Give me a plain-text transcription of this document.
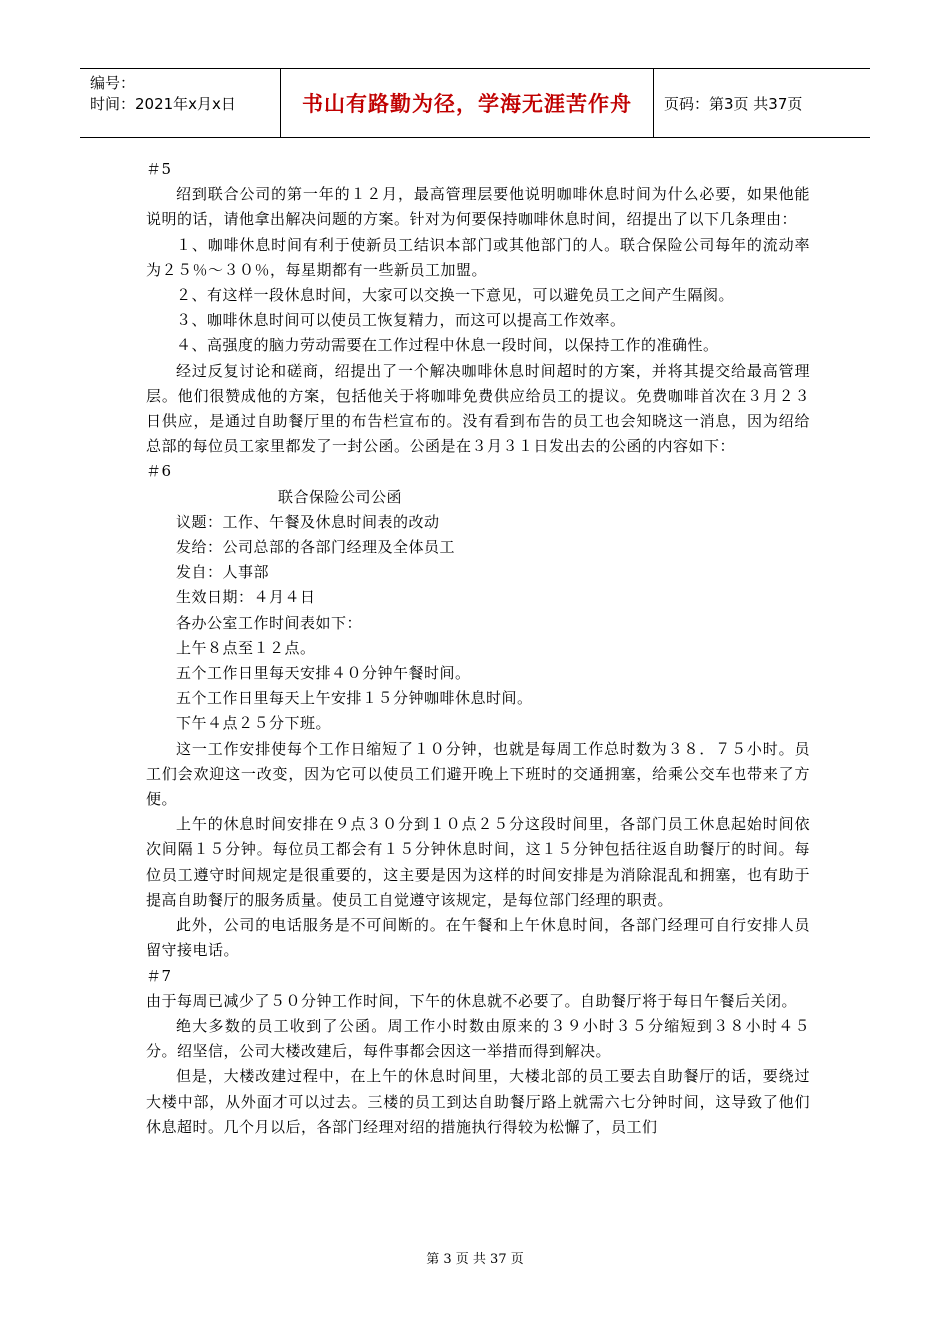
编号：
时间：2021年x月x日	书山有路勤为径，学海无涯苦作舟 页码：第3页 共37页

＃5

绍到联合公司的第一年的１２月，最高管理层要他说明咖啡休息时间为什么必要，如果他能说明的话，请他拿出解决问题的方案。针对为何要保持咖啡休息时间，绍提出了以下几条理由：

１、咖啡休息时间有利于使新员工结识本部门或其他部门的人。联合保险公司每年的流动率为２５％～３０％，每星期都有一些新员工加盟。

２、有这样一段休息时间，大家可以交换一下意见，可以避免员工之间产生隔阂。

３、咖啡休息时间可以使员工恢复精力，而这可以提高工作效率。

４、高强度的脑力劳动需要在工作过程中休息一段时间，以保持工作的准确性。

经过反复讨论和磋商，绍提出了一个解决咖啡休息时间超时的方案，并将其提交给最高管理层。他们很赞成他的方案，包括他关于将咖啡免费供应给员工的提议。免费咖啡首次在３月２３日供应，是通过自助餐厅里的布告栏宣布的。没有看到布告的员工也会知晓这一消息，因为绍给总部的每位员工家里都发了一封公函。公函是在３月３１日发出去的公函的内容如下：

＃6

联合保险公司公函

议题：工作、午餐及休息时间表的改动

发给：公司总部的各部门经理及全体员工

发自：人事部

生效日期：４月４日

各办公室工作时间表如下：

上午８点至１２点。

五个工作日里每天安排４０分钟午餐时间。

五个工作日里每天上午安排１５分钟咖啡休息时间。

下午４点２５分下班。

这一工作安排使每个工作日缩短了１０分钟，也就是每周工作总时数为３８．７５小时。员工们会欢迎这一改变，因为它可以使员工们避开晚上下班时的交通拥塞，给乘公交车也带来了方便。

上午的休息时间安排在９点３０分到１０点２５分这段时间里，各部门员工休息起始时间依次间隔１５分钟。每位员工都会有１５分钟休息时间，这１５分钟包括往返自助餐厅的时间。每位员工遵守时间规定是很重要的，这主要是因为这样的时间安排是为消除混乱和拥塞，也有助于提高自助餐厅的服务质量。使员工自觉遵守该规定，是每位部门经理的职责。

此外，公司的电话服务是不可间断的。在午餐和上午休息时间，各部门经理可自行安排人员留守接电话。

＃7

由于每周已减少了５０分钟工作时间，下午的休息就不必要了。自助餐厅将于每日午餐后关闭。

绝大多数的员工收到了公函。周工作小时数由原来的３９小时３５分缩短到３８小时４５分。绍坚信，公司大楼改建后，每件事都会因这一举措而得到解决。

但是，大楼改建过程中，在上午的休息时间里，大楼北部的员工要去自助餐厅的话，要绕过大楼中部，从外面才可以过去。三楼的员工到达自助餐厅路上就需六七分钟时间，这导致了他们休息超时。几个月以后，各部门经理对绍的措施执行得较为松懈了，员工们

第 3 页 共 37 页
